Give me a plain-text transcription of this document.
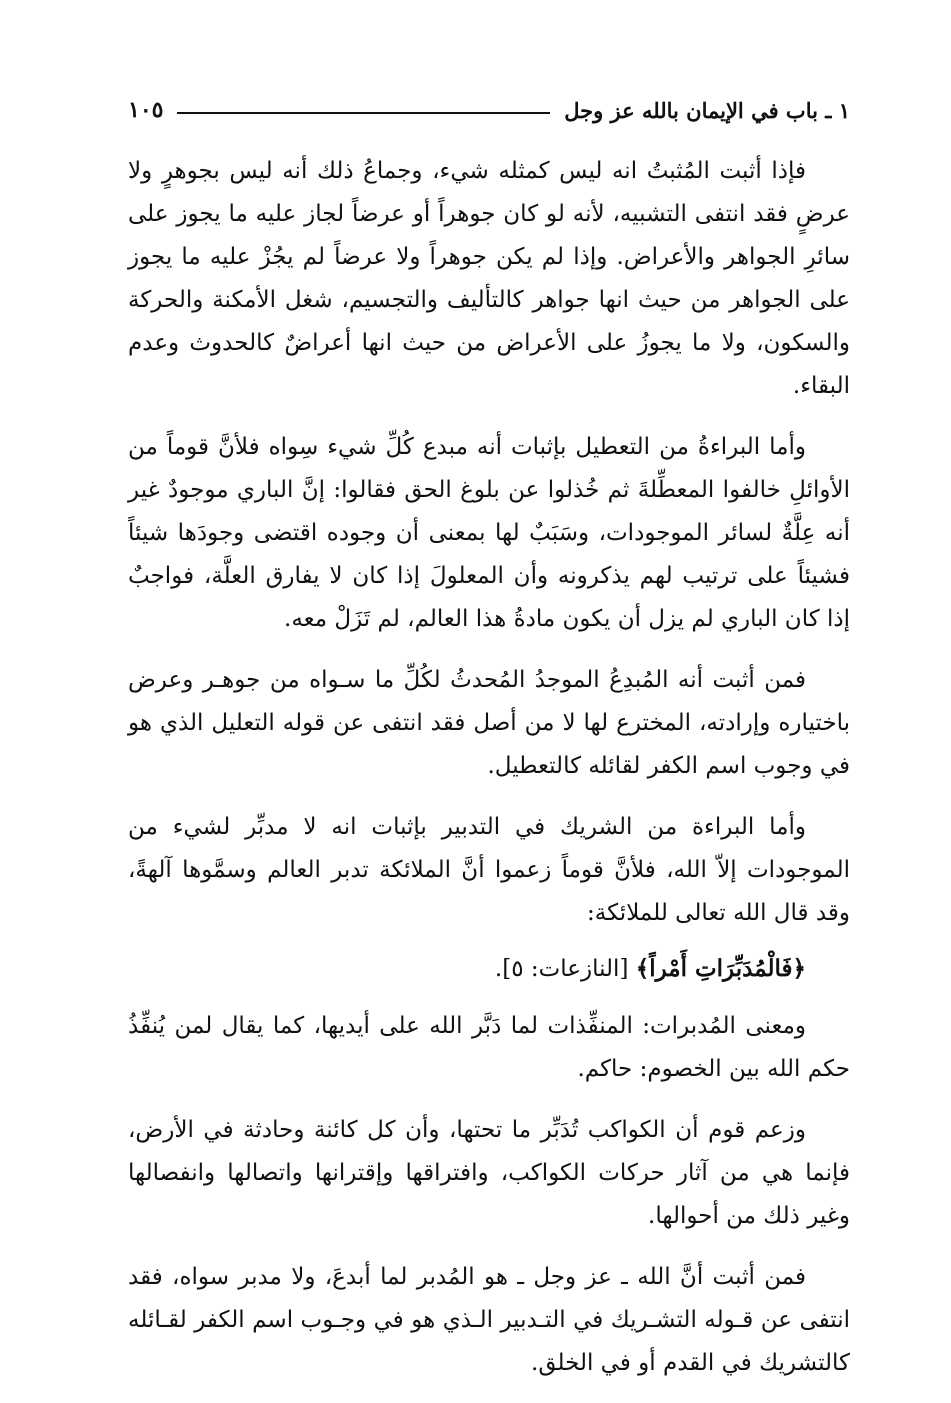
١ ـ باب في الإيمان بالله عز وجل
١٠٥

فإذا أثبت المُثبتُ انه ليس كمثله شيء، وجماعُ ذلك أنه ليس بجوهرٍ ولا عرضٍ فقد انتفى التشبيه، لأنه لو كان جوهراً أو عرضاً لجاز عليه ما يجوز على سائرِ الجواهر والأعراض. وإذا لم يكن جوهراً ولا عرضاً لم يجُزْ عليه ما يجوز على الجواهر من حيث انها جواهر كالتأليف والتجسيم، شغل الأمكنة والحركة والسكون، ولا ما يجوزُ على الأعراض من حيث انها أعراضٌ كالحدوث وعدم البقاء.

وأما البراءةُ من التعطيل بإثبات أنه مبدع كُلِّ شيء سِواه فلأنَّ قوماً من الأوائلِ خالفوا المعطِّلةَ ثم خُذلوا عن بلوغ الحق فقالوا: إنَّ الباري موجودٌ غير أنه عِلَّةٌ لسائر الموجودات، وسَبَبٌ لها بمعنى أن وجوده اقتضى وجودَها شيئاً فشيئاً على ترتيب لهم يذكرونه وأن المعلولَ إذا كان لا يفارق العلَّة، فواجبٌ إذا كان الباري لم يزل أن يكون مادةُ هذا العالم، لم تَزَلْ معه.

فمن أثبت أنه المُبدِعُ الموجدُ المُحدثُ لكُلِّ ما سـواه من جوهـر وعرض باختياره وإرادته، المخترع لها لا من أصل فقد انتفى عن قوله التعليل الذي هو في وجوب اسم الكفر لقائله كالتعطيل.

وأما البراءة من الشريك في التدبير بإثبات انه لا مدبِّر لشيء من الموجودات إلاّ الله، فلأنَّ قوماً زعموا أنَّ الملائكة تدبر العالم وسمَّوها آلهةً، وقد قال الله تعالى للملائكة:

﴿فَالْمُدَبِّرَاتِ أَمْراً﴾ [النازعات: ٥].

ومعنى المُدبرات: المنفِّذات لما دَبَّر الله على أيديها، كما يقال لمن يُنفِّذُ حكم الله بين الخصوم: حاكم.

وزعم قوم أن الكواكب تُدَبِّر ما تحتها، وأن كل كائنة وحادثة في الأرض، فإنما هي من آثار حركات الكواكب، وافتراقها وإقترانها واتصالها وانفصالها وغير ذلك من أحوالها.

فمن أثبت أنَّ الله ـ عز وجل ـ هو المُدبر لما أبدعَ، ولا مدبر سواه، فقد انتفى عن قـوله التشـريك في التـدبير الـذي هو في وجـوب اسم الكفر لقـائله كالتشريك في القدم أو في الخلق.
